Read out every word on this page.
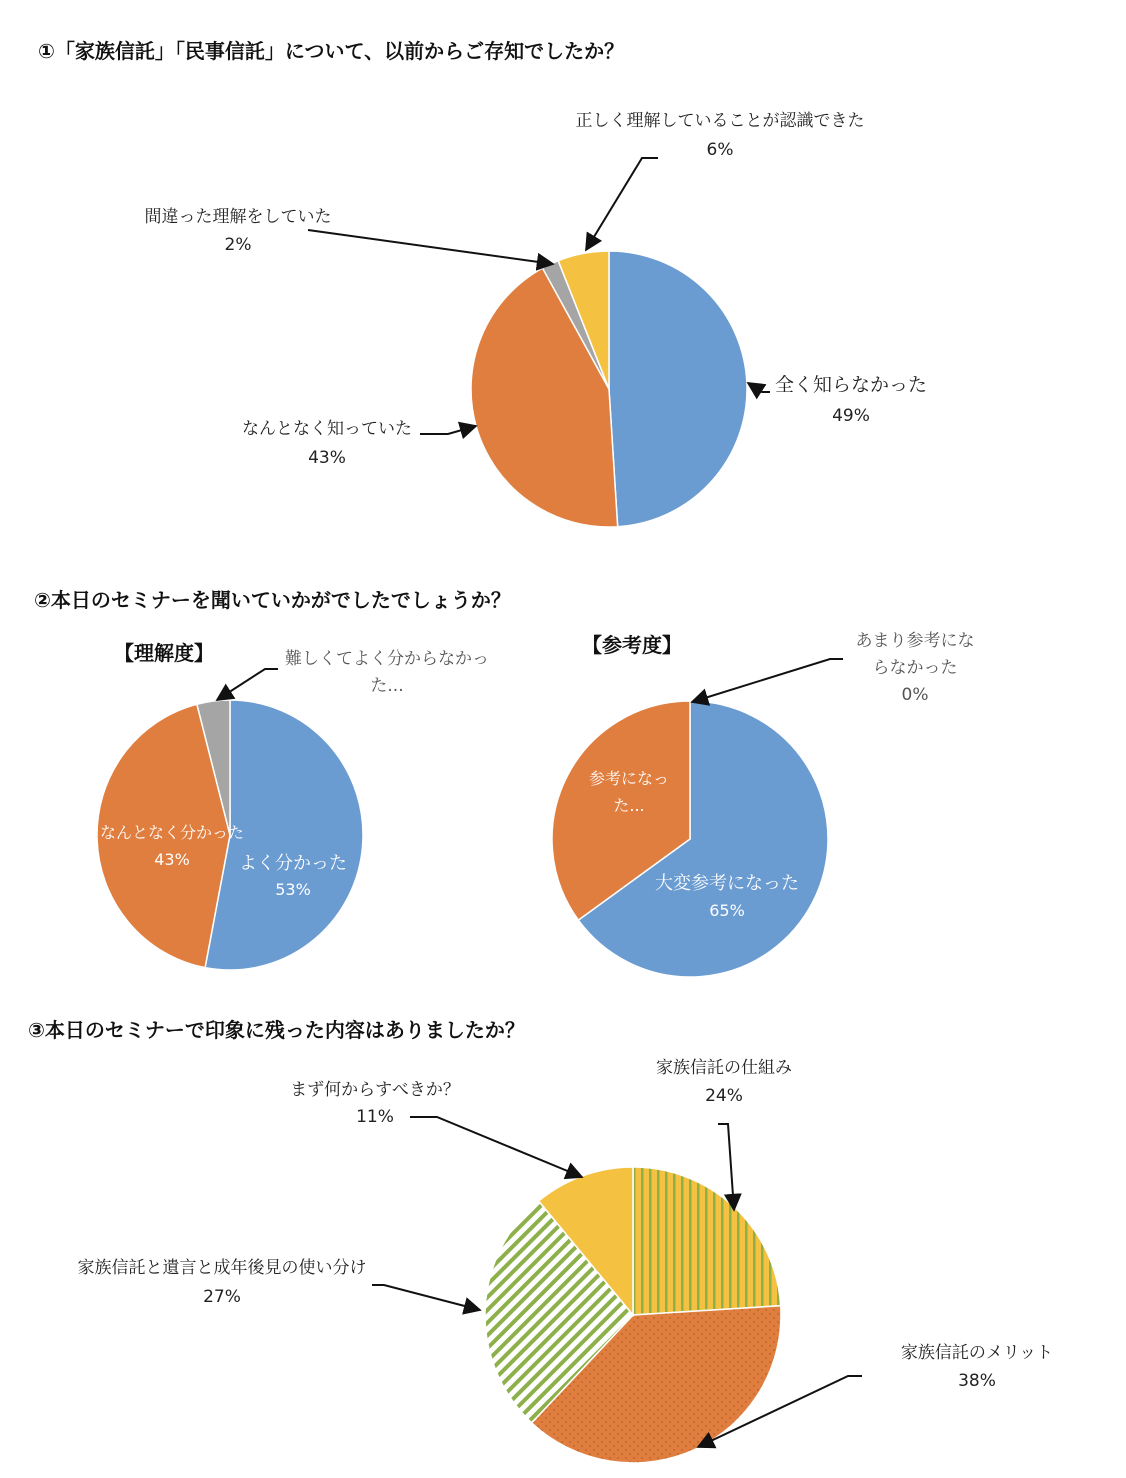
①「家族信託」「民事信託」について、以前からご存知でしたか？
正しく理解していることが認識できた
6%
間違った理解をしていた
2%
全く知らなかった
49%
なんとなく知っていた
43%
②本日のセミナーを聞いていかがでしたでしょうか？
【理解度】	難しくてよく分からなかっ
た...
なんとなく分かった
43%	よく分かった
53%
【参考度】	あまり参考にな
らなかった
0%
参考になっ
た...
大変参考になった
65%
③本日のセミナーで印象に残った内容はありましたか？
家族信託の仕組み
24%
まず何からすべきか？
11%
家族信託と遺言と成年後見の使い分け
27%
家族信託のメリット
38%
